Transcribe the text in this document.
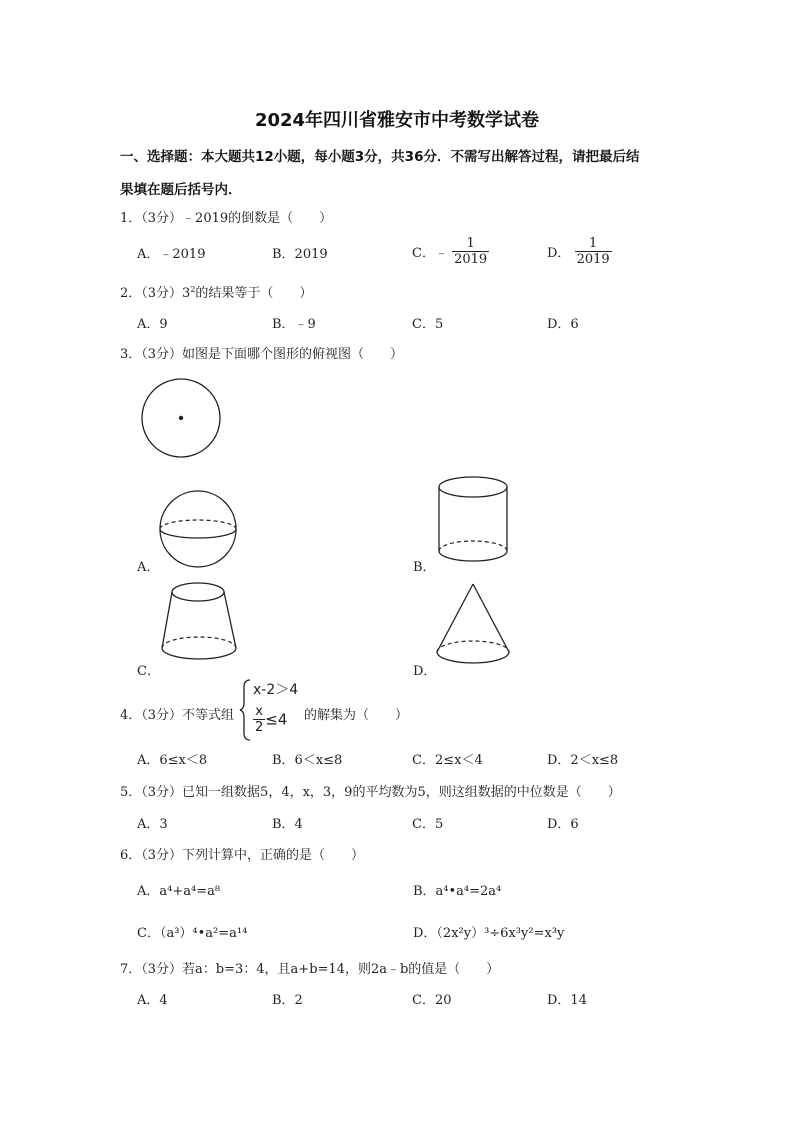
2024年四川省雅安市中考数学试卷
一、选择题：本大题共12小题，每小题3分，共36分．不需写出解答过程，请把最后结
果填在题后括号内．
1．（3分）﹣2019的倒数是（　　）
A．﹣2019	B．2019	C．﹣ $\frac{1}{2019}$	D． $\frac{1}{2019}$
2．（3分）$3^2$的结果等于（　　）
A．9	B．﹣9	C．5	D．6
3．（3分）如图是下面哪个图形的俯视图（　　）
A．	B．
C．	D．
4．（3分）不等式组
x-2＞4
$\frac{x}{2} \le 4$ 的解集为（　　）
A．6≤x＜8	B．6＜x≤8	C．2≤x＜4	D．2＜x≤8
5．（3分）已知一组数据5，4，x，3，9的平均数为5，则这组数据的中位数是（　　）
A．3	B．4	C．5	D．6
6．（3分）下列计算中，正确的是（　　）
A．a⁴+a⁴=a⁸	B．a⁴•a⁴=2a⁴
C．（a³）⁴•a²=a¹⁴	D．（2x²y）³÷6x³y²=x³y
7．（3分）若a：b=3：4，且a+b=14，则2a﹣b的值是（　　）
A．4	B．2	C．20	D．14
